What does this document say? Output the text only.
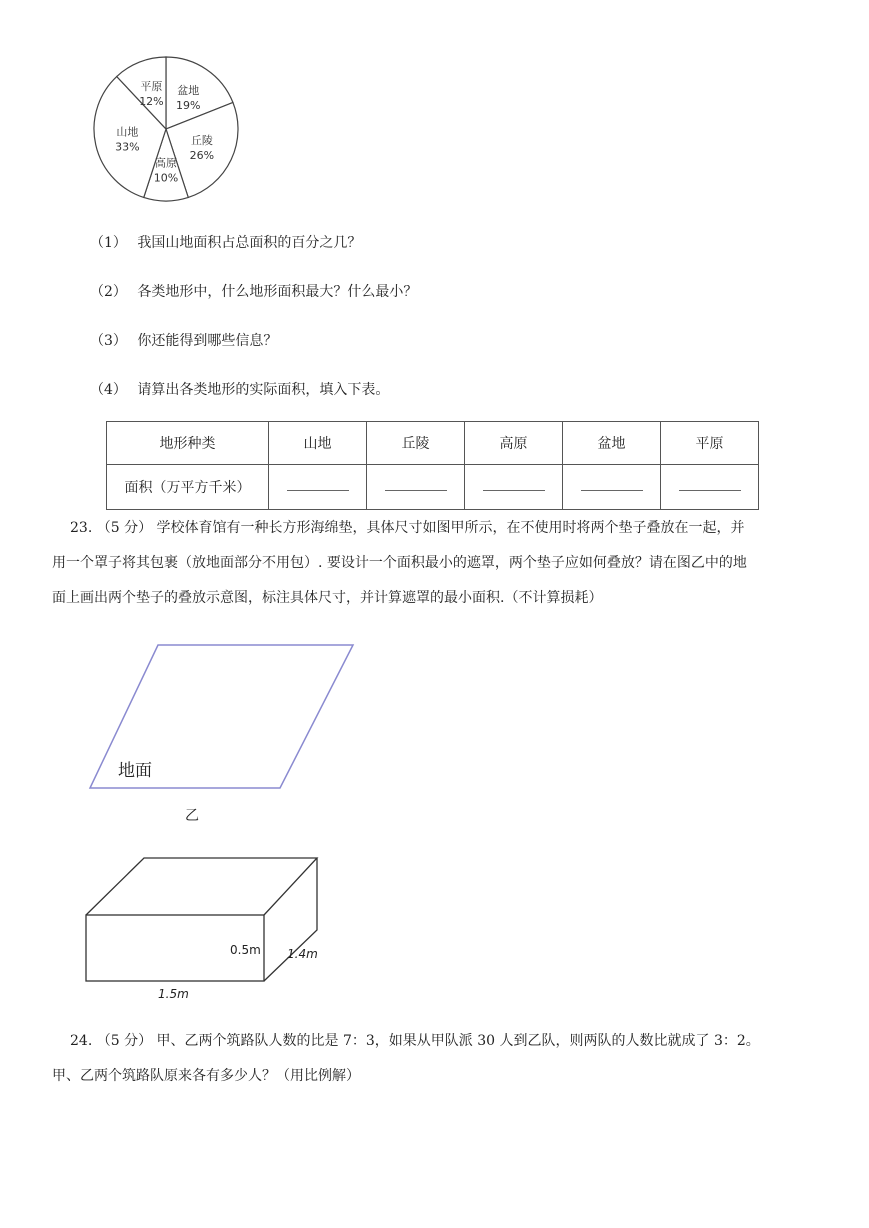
盆地
19%
丘陵
26%
高原
10%
山地
33%
平原
12%
（1） 我国山地面积占总面积的百分之几？
（2） 各类地形中，什么地形面积最大？什么最小？
（3） 你还能得到哪些信息？
（4） 请算出各类地形的实际面积，填入下表。
地形种类	山地	丘陵	高原	盆地	平原
面积（万平方千米）					
23. （5 分） 学校体育馆有一种长方形海绵垫，具体尺寸如图甲所示，在不使用时将两个垫子叠放在一起，并
用一个罩子将其包裹（放地面部分不用包）. 要设计一个面积最小的遮罩，两个垫子应如何叠放？请在图乙中的地
面上画出两个垫子的叠放示意图，标注具体尺寸，并计算遮罩的最小面积.（不计算损耗）
地面
乙
0.5m 1.4m
1.5m
24. （5 分） 甲、乙两个筑路队人数的比是 7：3，如果从甲队派 30 人到乙队，则两队的人数比就成了 3：2。
甲、乙两个筑路队原来各有多少人？（用比例解）
